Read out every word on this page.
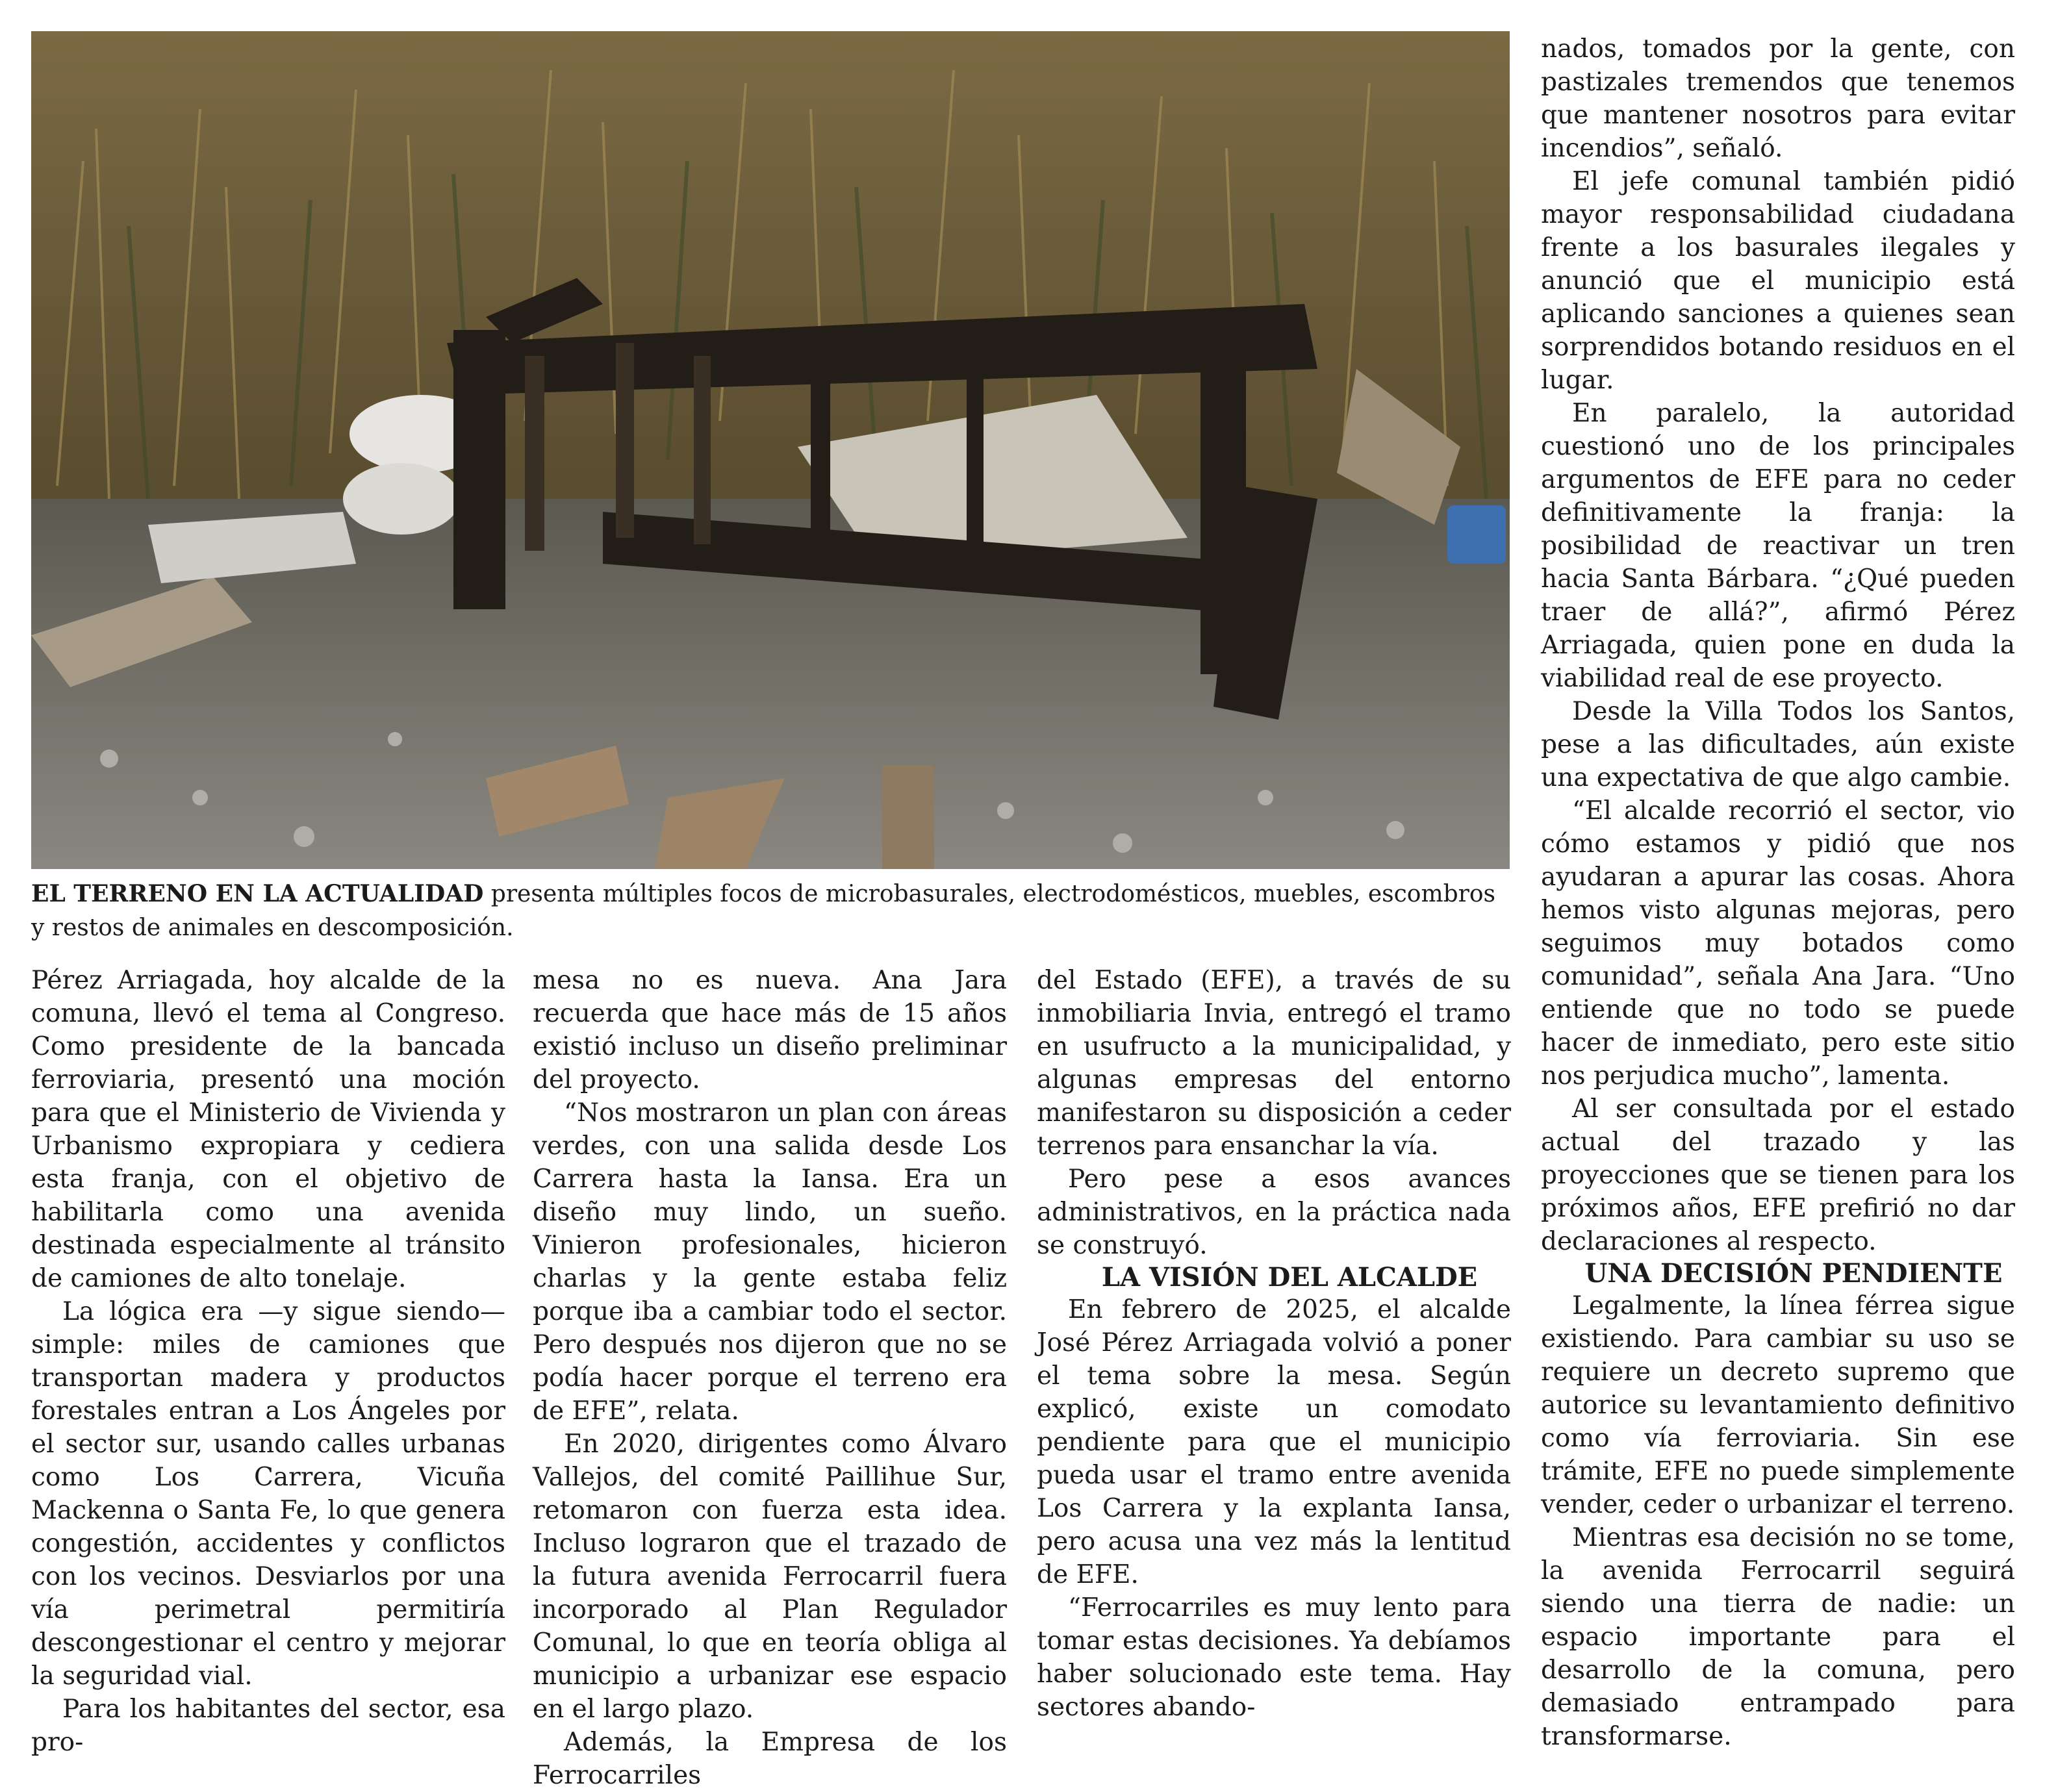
EL TERRENO EN LA ACTUALIDAD presenta múltiples focos de microbasurales, electrodomésticos, muebles, escombros y restos de animales en descomposición.

Pérez Arriagada, hoy alcalde de la comuna, llevó el tema al Congreso. Como presidente de la bancada ferroviaria, presentó una moción para que el Ministerio de Vivienda y Urbanismo expropiara y cediera esta franja, con el objetivo de habilitarla como una avenida destinada especialmente al tránsito de camiones de alto tonelaje.

La lógica era —y sigue siendo— simple: miles de camiones que transportan madera y productos forestales entran a Los Ángeles por el sector sur, usando calles urbanas como Los Carrera, Vicuña Mackenna o Santa Fe, lo que genera congestión, accidentes y conflictos con los vecinos. Desviarlos por una vía perimetral permitiría descongestionar el centro y mejorar la seguridad vial.

Para los habitantes del sector, esa pro-

mesa no es nueva. Ana Jara recuerda que hace más de 15 años existió incluso un diseño preliminar del proyecto.

“Nos mostraron un plan con áreas verdes, con una salida desde Los Carrera hasta la Iansa. Era un diseño muy lindo, un sueño. Vinieron profesionales, hicieron charlas y la gente estaba feliz porque iba a cambiar todo el sector. Pero después nos dijeron que no se podía hacer porque el terreno era de EFE”, relata.

En 2020, dirigentes como Álvaro Vallejos, del comité Paillihue Sur, retomaron con fuerza esta idea. Incluso lograron que el trazado de la futura avenida Ferrocarril fuera incorporado al Plan Regulador Comunal, lo que en teoría obliga al municipio a urbanizar ese espacio en el largo plazo.

Además, la Empresa de los Ferrocarriles

del Estado (EFE), a través de su inmobiliaria Invia, entregó el tramo en usufructo a la municipalidad, y algunas empresas del entorno manifestaron su disposición a ceder terrenos para ensanchar la vía.

Pero pese a esos avances administrativos, en la práctica nada se construyó.

LA VISIÓN DEL ALCALDE

En febrero de 2025, el alcalde José Pérez Arriagada volvió a poner el tema sobre la mesa. Según explicó, existe un comodato pendiente para que el municipio pueda usar el tramo entre avenida Los Carrera y la explanta Iansa, pero acusa una vez más la lentitud de EFE.

“Ferrocarriles es muy lento para tomar estas decisiones. Ya debíamos haber solucionado este tema. Hay sectores abando-

nados, tomados por la gente, con pastizales tremendos que tenemos que mantener nosotros para evitar incendios”, señaló.

El jefe comunal también pidió mayor responsabilidad ciudadana frente a los basurales ilegales y anunció que el municipio está aplicando sanciones a quienes sean sorprendidos botando residuos en el lugar.

En paralelo, la autoridad cuestionó uno de los principales argumentos de EFE para no ceder definitivamente la franja: la posibilidad de reactivar un tren hacia Santa Bárbara. “¿Qué pueden traer de allá?”, afirmó Pérez Arriagada, quien pone en duda la viabilidad real de ese proyecto.

Desde la Villa Todos los Santos, pese a las dificultades, aún existe una expectativa de que algo cambie.

“El alcalde recorrió el sector, vio cómo estamos y pidió que nos ayudaran a apurar las cosas. Ahora hemos visto algunas mejoras, pero seguimos muy botados como comunidad”, señala Ana Jara. “Uno entiende que no todo se puede hacer de inmediato, pero este sitio nos perjudica mucho”, lamenta.

Al ser consultada por el estado actual del trazado y las proyecciones que se tienen para los próximos años, EFE prefirió no dar declaraciones al respecto.

UNA DECISIÓN PENDIENTE

Legalmente, la línea férrea sigue existiendo. Para cambiar su uso se requiere un decreto supremo que autorice su levantamiento definitivo como vía ferroviaria. Sin ese trámite, EFE no puede simplemente vender, ceder o urbanizar el terreno.

Mientras esa decisión no se tome, la avenida Ferrocarril seguirá siendo una tierra de nadie: un espacio importante para el desarrollo de la comuna, pero demasiado entrampado para transformarse.
